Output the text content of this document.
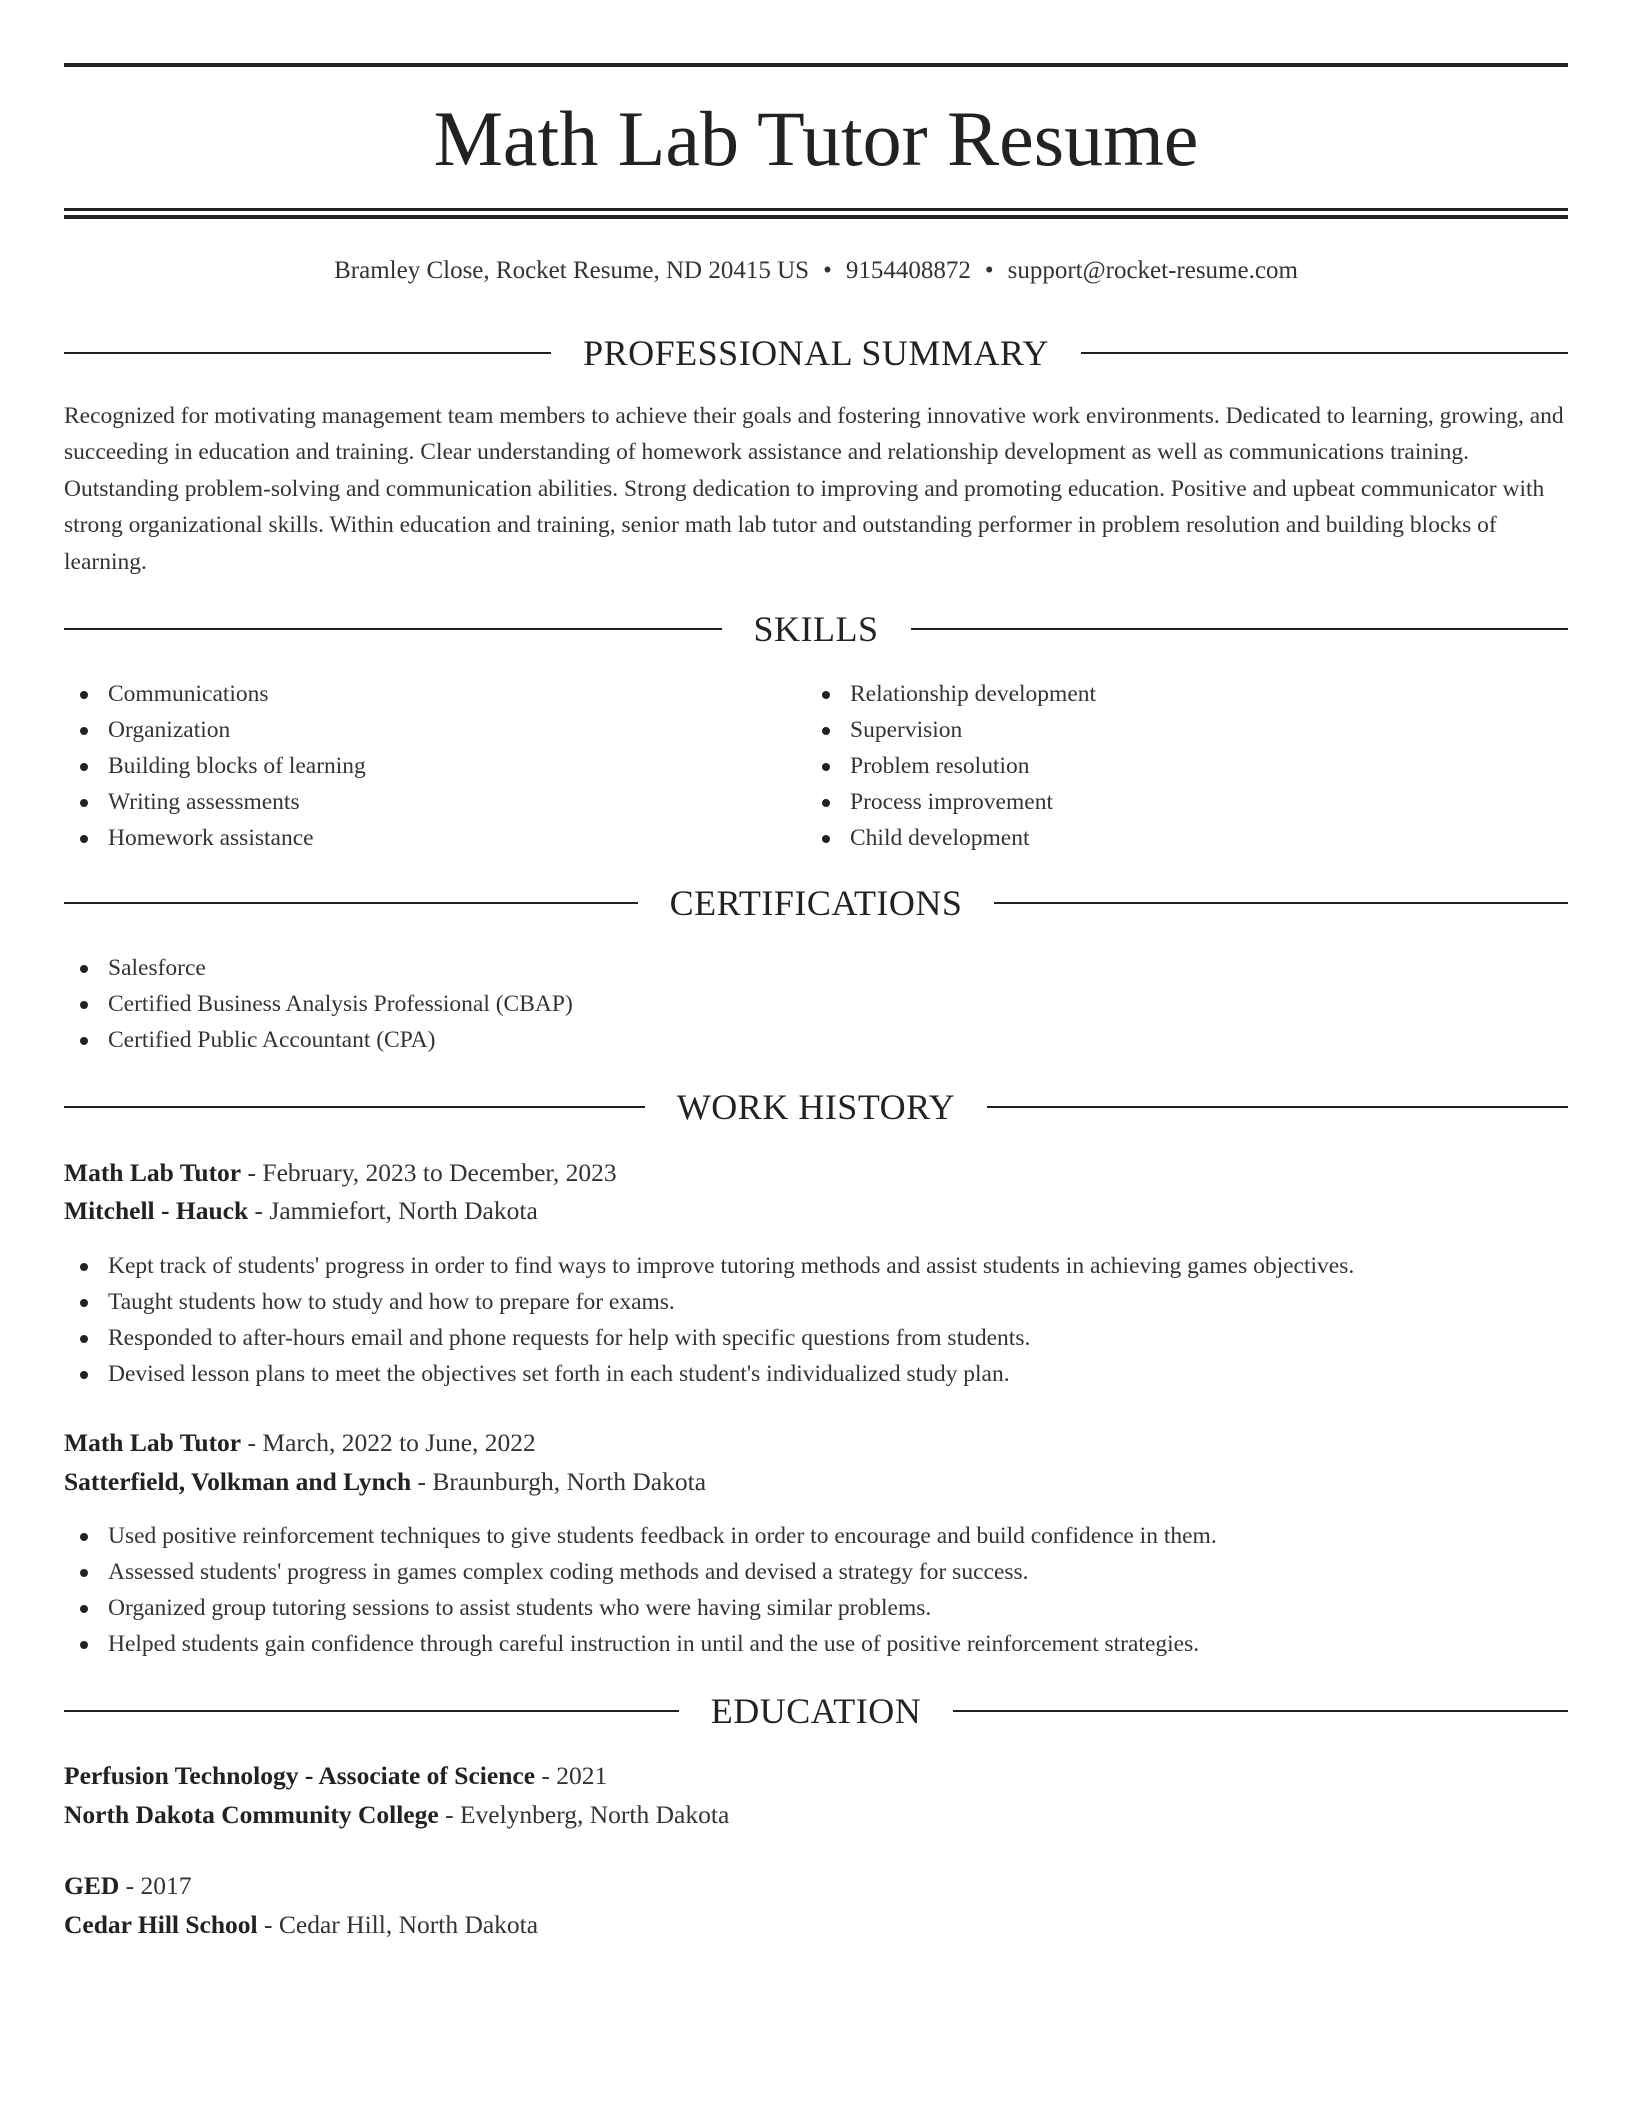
Math Lab Tutor Resume
Bramley Close, Rocket Resume, ND 20415 US • 9154408872 • support@rocket-resume.com
PROFESSIONAL SUMMARY

Recognized for motivating management team members to achieve their goals and fostering innovative work environments. Dedicated to learning, growing, and succeeding in education and training. Clear understanding of homework assistance and relationship development as well as communications training. Outstanding problem-solving and communication abilities. Strong dedication to improving and promoting education. Positive and upbeat communicator with strong organizational skills. Within education and training, senior math lab tutor and outstanding performer in problem resolution and building blocks of learning.

SKILLS
Communications
Organization
Building blocks of learning
Writing assessments
Homework assistance
Relationship development
Supervision
Problem resolution
Process improvement
Child development
CERTIFICATIONS
Salesforce
Certified Business Analysis Professional (CBAP)
Certified Public Accountant (CPA)
WORK HISTORY
Math Lab Tutor - February, 2023 to December, 2023
Mitchell - Hauck - Jammiefort, North Dakota
Kept track of students' progress in order to find ways to improve tutoring methods and assist students in achieving games objectives.
Taught students how to study and how to prepare for exams.
Responded to after-hours email and phone requests for help with specific questions from students.
Devised lesson plans to meet the objectives set forth in each student's individualized study plan.
Math Lab Tutor - March, 2022 to June, 2022
Satterfield, Volkman and Lynch - Braunburgh, North Dakota
Used positive reinforcement techniques to give students feedback in order to encourage and build confidence in them.
Assessed students' progress in games complex coding methods and devised a strategy for success.
Organized group tutoring sessions to assist students who were having similar problems.
Helped students gain confidence through careful instruction in until and the use of positive reinforcement strategies.
EDUCATION
Perfusion Technology - Associate of Science - 2021
North Dakota Community College - Evelynberg, North Dakota
GED - 2017
Cedar Hill School - Cedar Hill, North Dakota
